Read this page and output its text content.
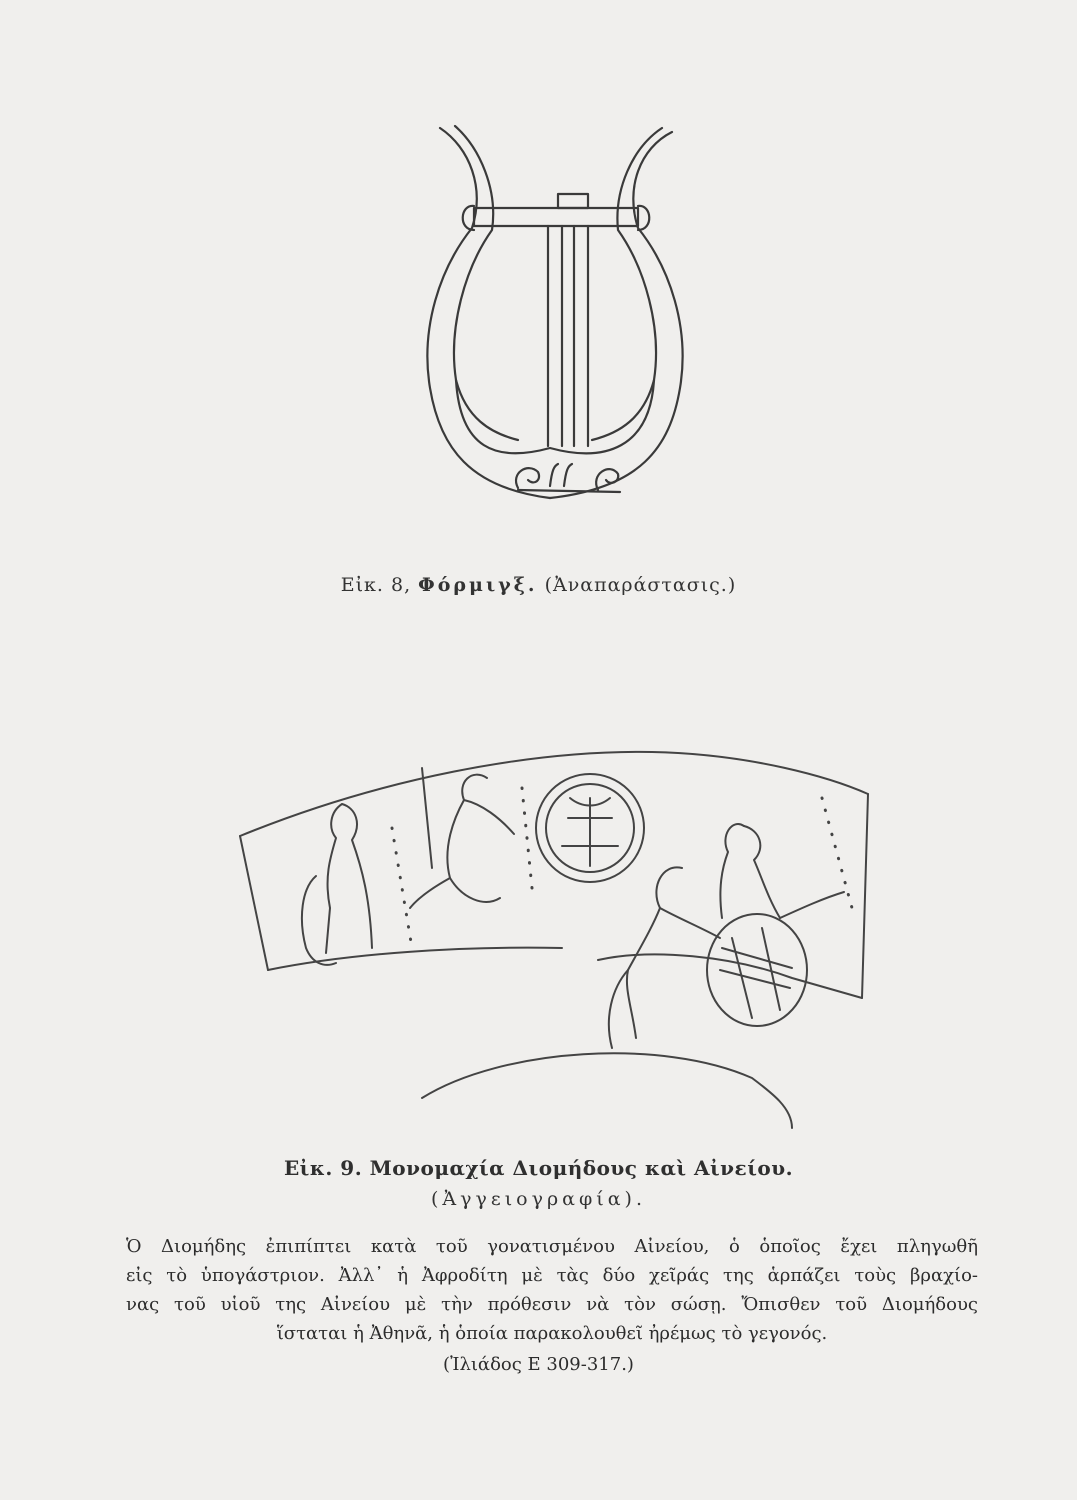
Εἰκ. 8, Φόρμιγξ. (Ἀναπαράστασις.)
Εἰκ. 9. Μονομαχία Διομήδους καὶ Αἰνείου.
(Ἀγγειογραφία).
Ὁ Διομήδης ἐπιπίπτει κατὰ τοῦ γονατισμένου Αἰνείου, ὁ ὁποῖος ἔχει πληγωθῆ
εἰς τὸ ὑπογάστριον. Ἀλλ᾽ ἡ Ἀφροδίτη μὲ τὰς δύο χεῖράς της ἁρπάζει τοὺς βραχίο-
νας τοῦ υἱοῦ της Αἰνείου μὲ τὴν πρόθεσιν νὰ τὸν σώσῃ. Ὄπισθεν τοῦ Διομήδους
ἵσταται ἡ Ἀθηνᾶ, ἡ ὁποία παρακολουθεῖ ἠρέμως τὸ γεγονός.
(Ἰλιάδος Ε 309-317.)
